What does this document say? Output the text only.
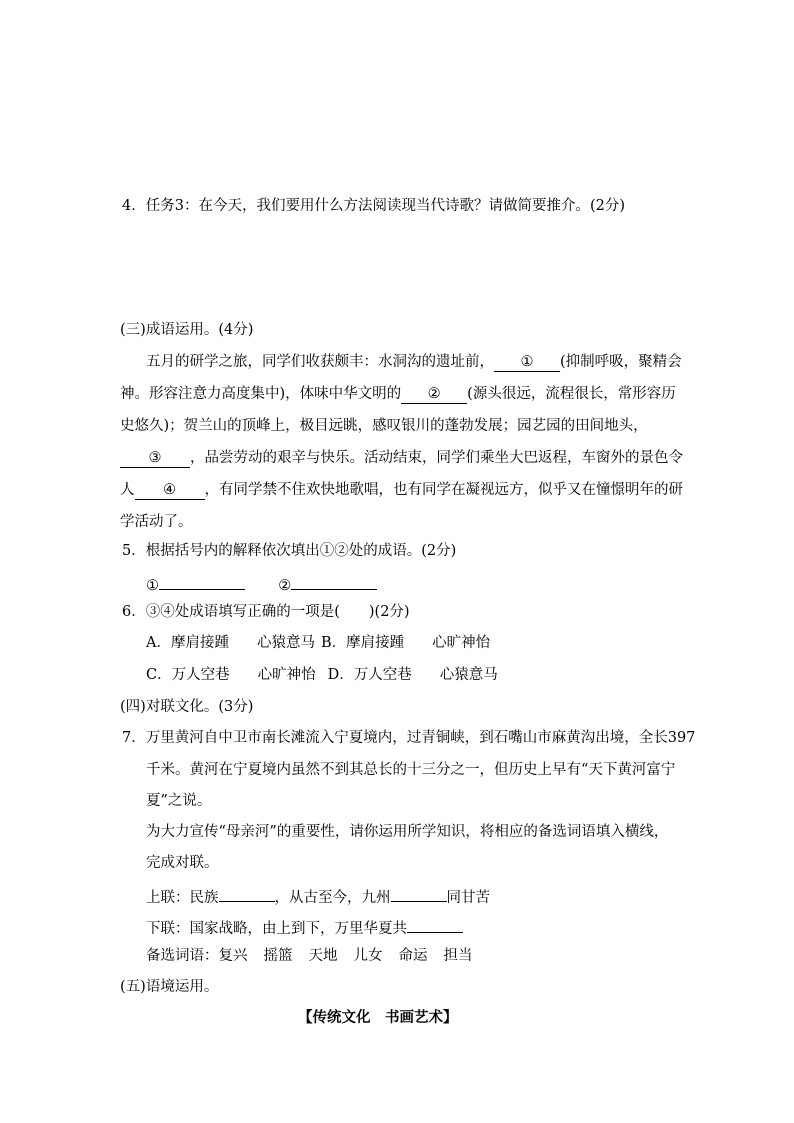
4．任务3：在今天，我们要用什么方法阅读现当代诗歌？请做简要推介。(2分)
(三)成语运用。(4分)
五月的研学之旅，同学们收获颇丰：水洞沟的遗址前， ① (抑制呼吸，聚精会
神。形容注意力高度集中)，体味中华文明的 ② (源头很远，流程很长，常形容历
史悠久)；贺兰山的顶峰上，极目远眺，感叹银川的蓬勃发展；园艺园的田间地头，
③ ，品尝劳动的艰辛与快乐。活动结束，同学们乘坐大巴返程，车窗外的景色令
人 ④ ，有同学禁不住欢快地歌唱，也有同学在凝视远方，似乎又在憧憬明年的研
学活动了。
5．根据括号内的解释依次填出①②处的成语。(2分)
①	②
6．③④处成语填写正确的一项是(　　)(2分)
A．摩肩接踵 心猿意马 B．摩肩接踵 心旷神怡
C．万人空巷 心旷神怡 D．万人空巷 心猿意马
(四)对联文化。(3分)
7．万里黄河自中卫市南长滩流入宁夏境内，过青铜峡，到石嘴山市麻黄沟出境，全长397
千米。黄河在宁夏境内虽然不到其总长的十三分之一，但历史上早有“天下黄河富宁
夏”之说。
为大力宣传“母亲河”的重要性，请你运用所学知识，将相应的备选词语填入横线，
完成对联。
上联：民族	，从古至今，九州	同甘苦
下联：国家战略，由上到下，万里华夏共
备选词语：复兴 摇篮 天地 儿女 命运 担当
(五)语境运用。
【传统文化　书画艺术】
